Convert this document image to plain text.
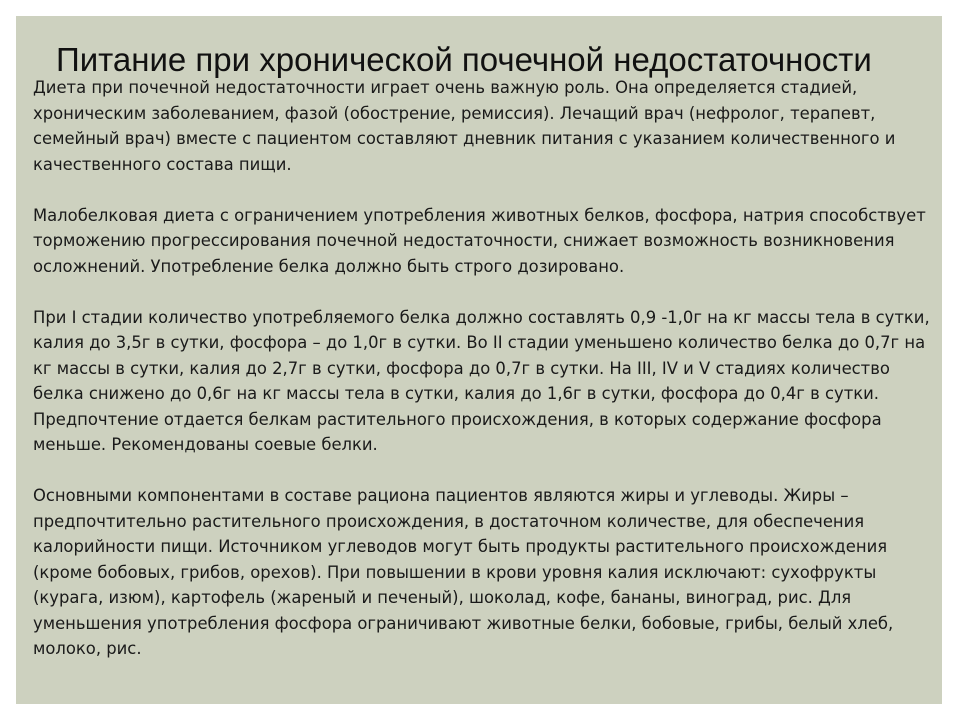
Питание при хронической почечной недостаточности

Диета при почечной недостаточности играет очень важную роль. Она определяется стадией, хроническим заболеванием, фазой (обострение, ремиссия). Лечащий врач (нефролог, терапевт, семейный врач) вместе с пациентом составляют дневник питания с указанием количественного и качественного состава пищи.

Малобелковая диета с ограничением употребления животных белков, фосфора, натрия способствует торможению прогрессирования почечной недостаточности, снижает возможность возникновения осложнений. Употребление белка должно быть строго дозировано.

При I стадии количество употребляемого белка должно составлять 0,9 -1,0г на кг массы тела в сутки, калия до 3,5г в сутки, фосфора – до 1,0г в сутки. Во II стадии уменьшено количество белка до 0,7г на кг массы в сутки, калия до 2,7г в сутки, фосфора до 0,7г в сутки. На III, IV и V стадиях количество белка снижено до 0,6г на кг массы тела в сутки, калия до 1,6г в сутки, фосфора до 0,4г в сутки. Предпочтение отдается белкам растительного происхождения, в которых содержание фосфора меньше. Рекомендованы соевые белки.

Основными компонентами в составе рациона пациентов являются жиры и углеводы. Жиры – предпочтительно растительного происхождения, в достаточном количестве, для обеспечения калорийности пищи. Источником углеводов могут быть продукты растительного происхождения (кроме бобовых, грибов, орехов). При повышении в крови уровня калия исключают: сухофрукты (курага, изюм), картофель (жареный и печеный), шоколад, кофе, бананы, виноград, рис. Для уменьшения употребления фосфора ограничивают животные белки, бобовые, грибы, белый хлеб, молоко, рис.
